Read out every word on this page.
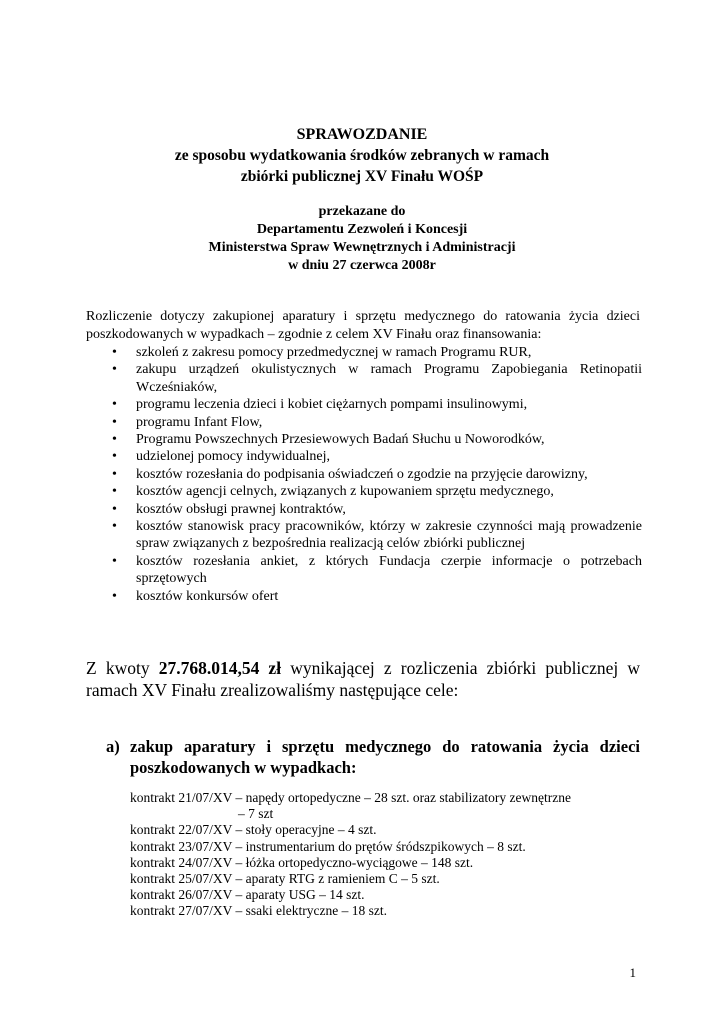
SPRAWOZDANIE
ze sposobu wydatkowania środków zebranych w ramach
zbiórki publicznej XV Finału WOŚP
przekazane do
Departamentu Zezwoleń i Koncesji
Ministerstwa Spraw Wewnętrznych i Administracji
w dniu 27 czerwca 2008r

Rozliczenie dotyczy zakupionej aparatury i sprzętu medycznego do ratowania życia dzieci poszkodowanych w wypadkach – zgodnie z celem XV Finału oraz finansowania:

• szkoleń z zakresu pomocy przedmedycznej w ramach Programu RUR,
• zakupu urządzeń okulistycznych w ramach Programu Zapobiegania Retinopatii Wcześniaków,
• programu leczenia dzieci i kobiet ciężarnych pompami insulinowymi,
• programu Infant Flow,
• Programu Powszechnych Przesiewowych Badań Słuchu u Noworodków,
• udzielonej pomocy indywidualnej,
• kosztów rozesłania do podpisania oświadczeń o zgodzie na przyjęcie darowizny,
• kosztów agencji celnych, związanych z kupowaniem sprzętu medycznego,
• kosztów obsługi prawnej kontraktów,
• kosztów stanowisk pracy pracowników, którzy w zakresie czynności mają prowadzenie spraw związanych z bezpośrednia realizacją celów zbiórki publicznej
• kosztów rozesłania ankiet, z których Fundacja czerpie informacje o potrzebach sprzętowych
• kosztów konkursów ofert

Z kwoty 27.768.014,54 zł wynikającej z rozliczenia zbiórki publicznej w ramach XV Finału zrealizowaliśmy następujące cele:

a) zakup aparatury i sprzętu medycznego do ratowania życia dzieci poszkodowanych w wypadkach:
kontrakt 21/07/XV – napędy ortopedyczne – 28 szt. oraz stabilizatory zewnętrzne
– 7 szt
kontrakt 22/07/XV – stoły operacyjne – 4 szt.
kontrakt 23/07/XV – instrumentarium do prętów śródszpikowych – 8 szt.
kontrakt 24/07/XV – łóżka ortopedyczno-wyciągowe – 148 szt.
kontrakt 25/07/XV – aparaty RTG z ramieniem C – 5 szt.
kontrakt 26/07/XV – aparaty USG – 14 szt.
kontrakt 27/07/XV – ssaki elektryczne – 18 szt.
1
